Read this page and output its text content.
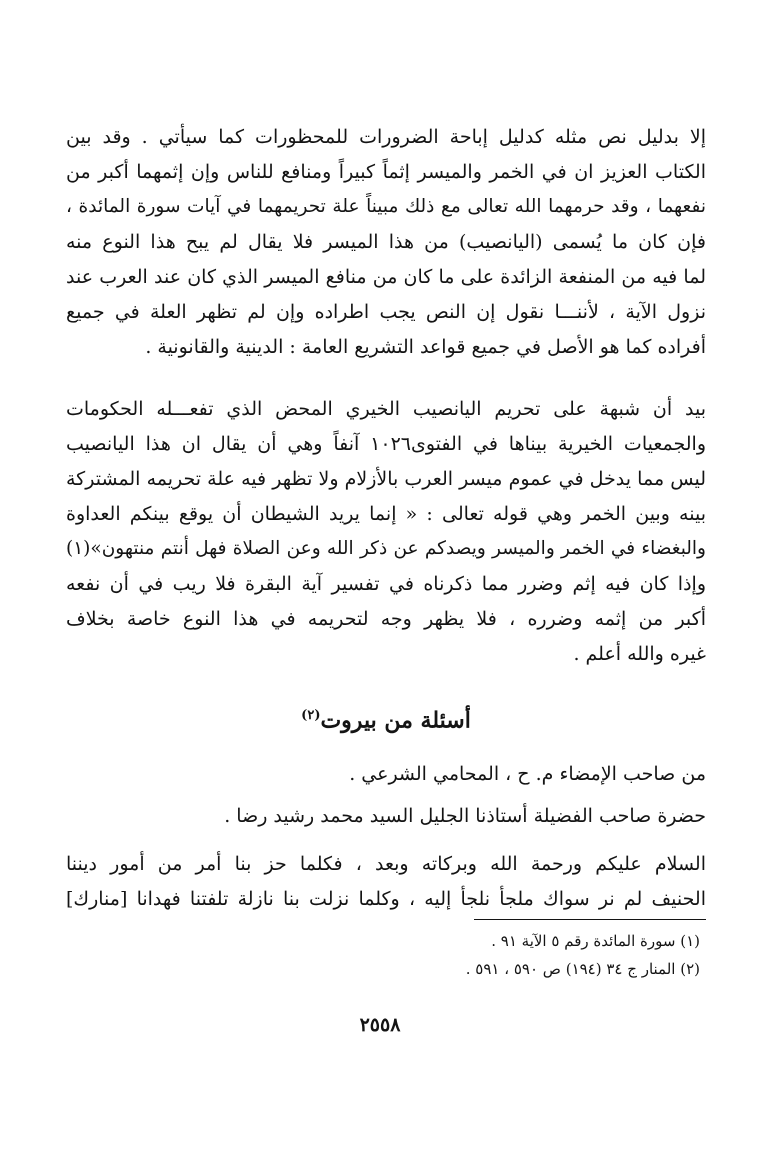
إلا بدليل نص مثله كدليل إباحة الضرورات للمحظورات كما سيأتي . وقد بين
الكتاب العزيز ان في الخمر والميسر إثماً كبيراً ومنافع للناس وإن إثمهما أكبر من
نفعهما ، وقد حرمهما الله تعالى مع ذلك مبيناً علة تحريمهما في آيات سورة المائدة ،
فإن كان ما يُسمى (اليانصيب) من هذا الميسر فلا يقال لم يبح هذا النوع منه
لما فيه من المنفعة الزائدة على ما كان من منافع الميسر الذي كان عند العرب عند
نزول الآية ، لأننـــا نقول إن النص يجب اطراده وإن لم تظهر العلة في جميع
أفراده كما هو الأصل في جميع قواعد التشريع العامة : الدينية والقانونية .
بيد أن شبهة على تحريم اليانصيب الخيري المحض الذي تفعـــله الحكومات
والجمعيات الخيرية بيناها في الفتوى١٠٢٦ آنفاً وهي أن يقال ان هذا اليانصيب
ليس مما يدخل في عموم ميسر العرب بالأزلام ولا تظهر فيه علة تحريمه المشتركة
بينه وبين الخمر وهي قوله تعالى : « إنما يريد الشيطان أن يوقع بينكم العداوة
والبغضاء في الخمر والميسر ويصدكم عن ذكر الله وعن الصلاة فهل أنتم منتهون»(١)
وإذا كان فيه إثم وضرر مما ذكرناه في تفسير آية البقرة فلا ريب في أن نفعه
أكبر من إثمه وضرره ، فلا يظهر وجه لتحريمه في هذا النوع خاصة بخلاف
غيره والله أعلم .
أسئلة من بيروت$^{(٢)}$
من صاحب الإمضاء م. ح ، المحامي الشرعي .
حضرة صاحب الفضيلة أستاذنا الجليل السيد محمد رشيد رضا .
السلام عليكم ورحمة الله وبركاته وبعد ، فكلما حز بنا أمر من أمور ديننا
الحنيف لم نر سواك ملجأ نلجأ إليه ، وكلما نزلت بنا نازلة تلفتنا فهدانا [منارك]
(١) سورة المائدة رقم ٥ الآية ٩١ .
(٢) المنار ج ٣٤ (١٩٤) ص ٥٩٠ ، ٥٩١ .
٢٥٥٨
